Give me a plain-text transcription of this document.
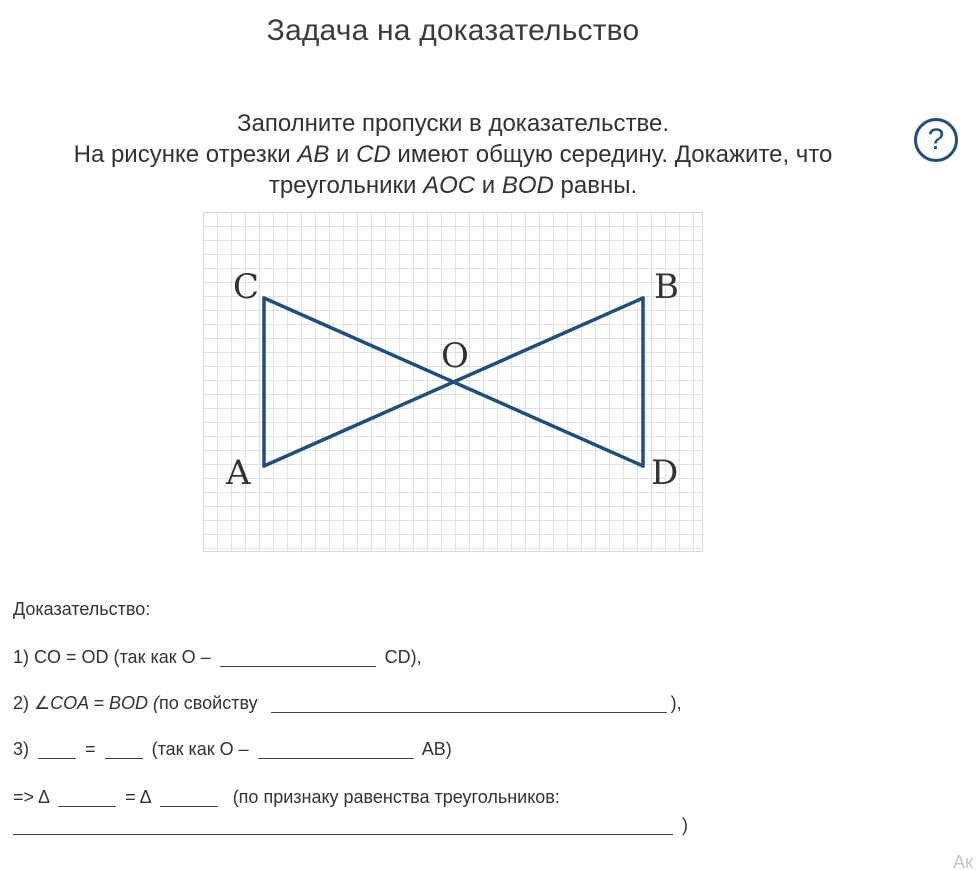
Задача на доказательство
?
Заполните пропуски в доказательстве.
На рисунке отрезки AB и CD имеют общую середину. Докажите, что
треугольники AOC и BOD равны.
C	B
O
A	D
Доказательство:
1) CO = OD (так как O –	CD),
2) ∠COA = BOD (по свойству	),
3)	=	(так как O –	AB)
=> Δ	= Δ	(по признаку равенства треугольников:
)
Ак
